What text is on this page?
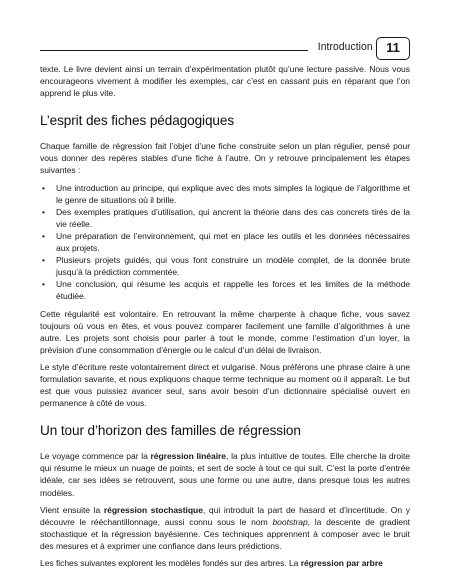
Introduction	11

texte. Le livre devient ainsi un terrain d’expérimentation plutôt qu’une lecture passive. Nous vous encourageons vivement à modifier les exemples, car c’est en cassant puis en réparant que l’on apprend le plus vite.

L’esprit des fiches pédagogiques

Chaque famille de régression fait l’objet d’une fiche construite selon un plan régulier, pensé pour vous donner des repères stables d’une fiche à l’autre. On y retrouve principalement les étapes suivantes :

• Une introduction au principe, qui explique avec des mots simples la logique de l’algorithme et le genre de situations où il brille.
• Des exemples pratiques d’utilisation, qui ancrent la théorie dans des cas concrets tirés de la vie réelle.
• Une préparation de l’environnement, qui met en place les outils et les données nécessaires aux projets.
• Plusieurs projets guidés, qui vous font construire un modèle complet, de la donnée brute jusqu’à la prédiction commentée.
• Une conclusion, qui résume les acquis et rappelle les forces et les limites de la méthode étudiée.

Cette régularité est volontaire. En retrouvant la même charpente à chaque fiche, vous savez toujours où vous en êtes, et vous pouvez comparer facilement une famille d’algorithmes à une autre. Les projets sont choisis pour parler à tout le monde, comme l’estimation d’un loyer, la prévision d’une consommation d’énergie ou le calcul d’un délai de livraison.

Le style d’écriture reste volontairement direct et vulgarisé. Nous préférons une phrase claire à une formulation savante, et nous expliquons chaque terme technique au moment où il apparaît. Le but est que vous puissiez avancer seul, sans avoir besoin d’un dictionnaire spécialisé ouvert en permanence à côté de vous.

Un tour d’horizon des familles de régression

Le voyage commence par la régression linéaire, la plus intuitive de toutes. Elle cherche la droite qui résume le mieux un nuage de points, et sert de socle à tout ce qui suit. C’est la porte d’entrée idéale, car ses idées se retrouvent, sous une forme ou une autre, dans presque tous les autres modèles.

Vient ensuite la régression stochastique, qui introduit la part de hasard et d’incertitude. On y découvre le rééchantillonnage, aussi connu sous le nom bootstrap, la descente de gradient stochastique et la régression bayésienne. Ces techniques apprennent à composer avec le bruit des mesures et à exprimer une confiance dans leurs prédictions.

Les fiches suivantes explorent les modèles fondés sur des arbres. La régression par arbre
